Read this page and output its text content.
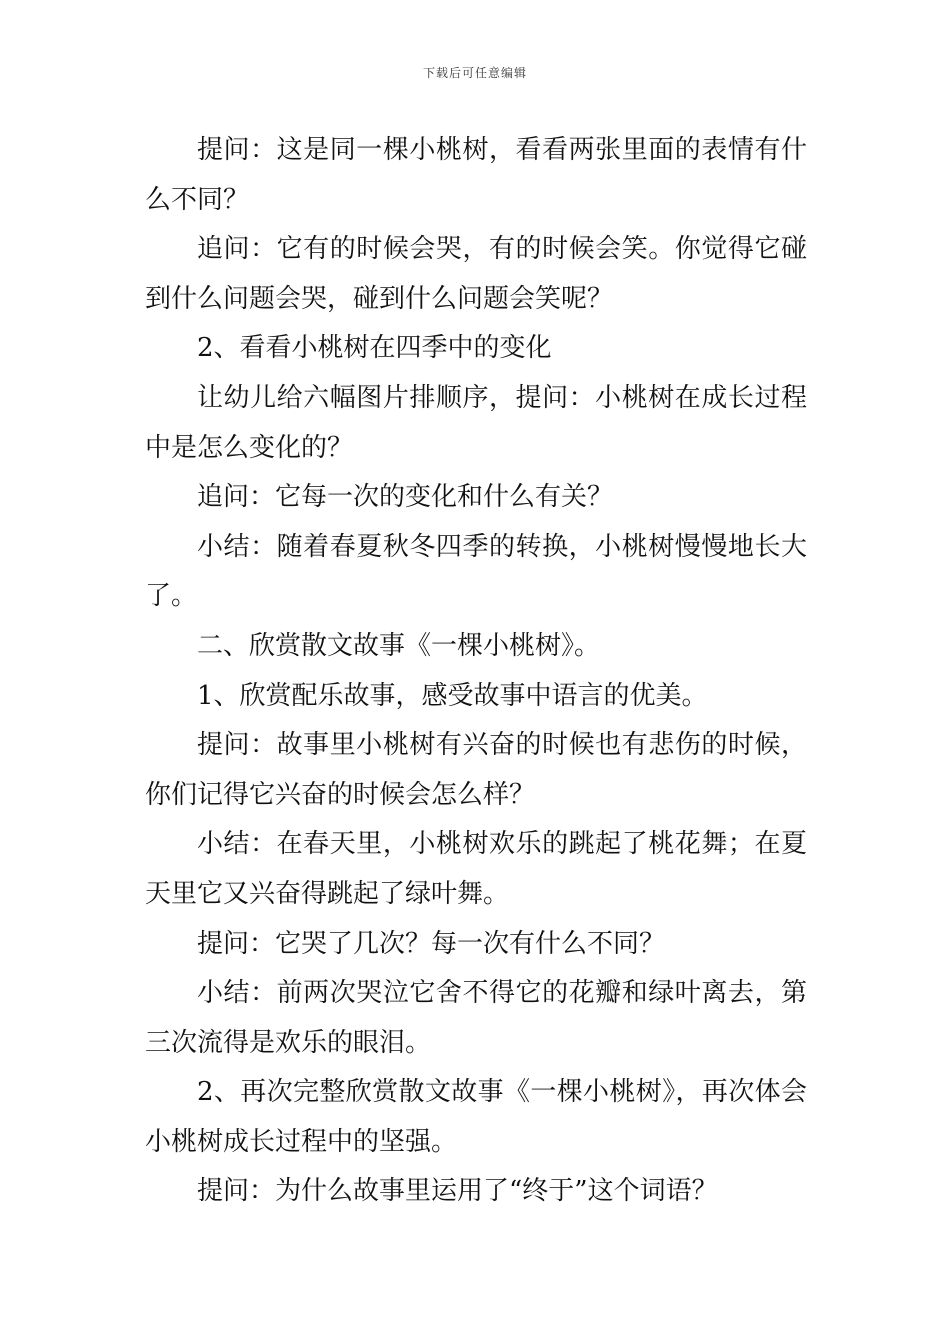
下载后可任意编辑

提问：这是同一棵小桃树，看看两张里面的表情有什么不同？

追问：它有的时候会哭，有的时候会笑。你觉得它碰到什么问题会哭，碰到什么问题会笑呢？

2、看看小桃树在四季中的变化

让幼儿给六幅图片排顺序，提问：小桃树在成长过程中是怎么变化的？

追问：它每一次的变化和什么有关？

小结：随着春夏秋冬四季的转换，小桃树慢慢地长大了。

二、欣赏散文故事《一棵小桃树》。

1、欣赏配乐故事，感受故事中语言的优美。

提问：故事里小桃树有兴奋的时候也有悲伤的时候，你们记得它兴奋的时候会怎么样？

小结：在春天里，小桃树欢乐的跳起了桃花舞；在夏天里它又兴奋得跳起了绿叶舞。

提问：它哭了几次？每一次有什么不同？

小结：前两次哭泣它舍不得它的花瓣和绿叶离去，第三次流得是欢乐的眼泪。

2、再次完整欣赏散文故事《一棵小桃树》，再次体会小桃树成长过程中的坚强。

提问：为什么故事里运用了“终于”这个词语？
